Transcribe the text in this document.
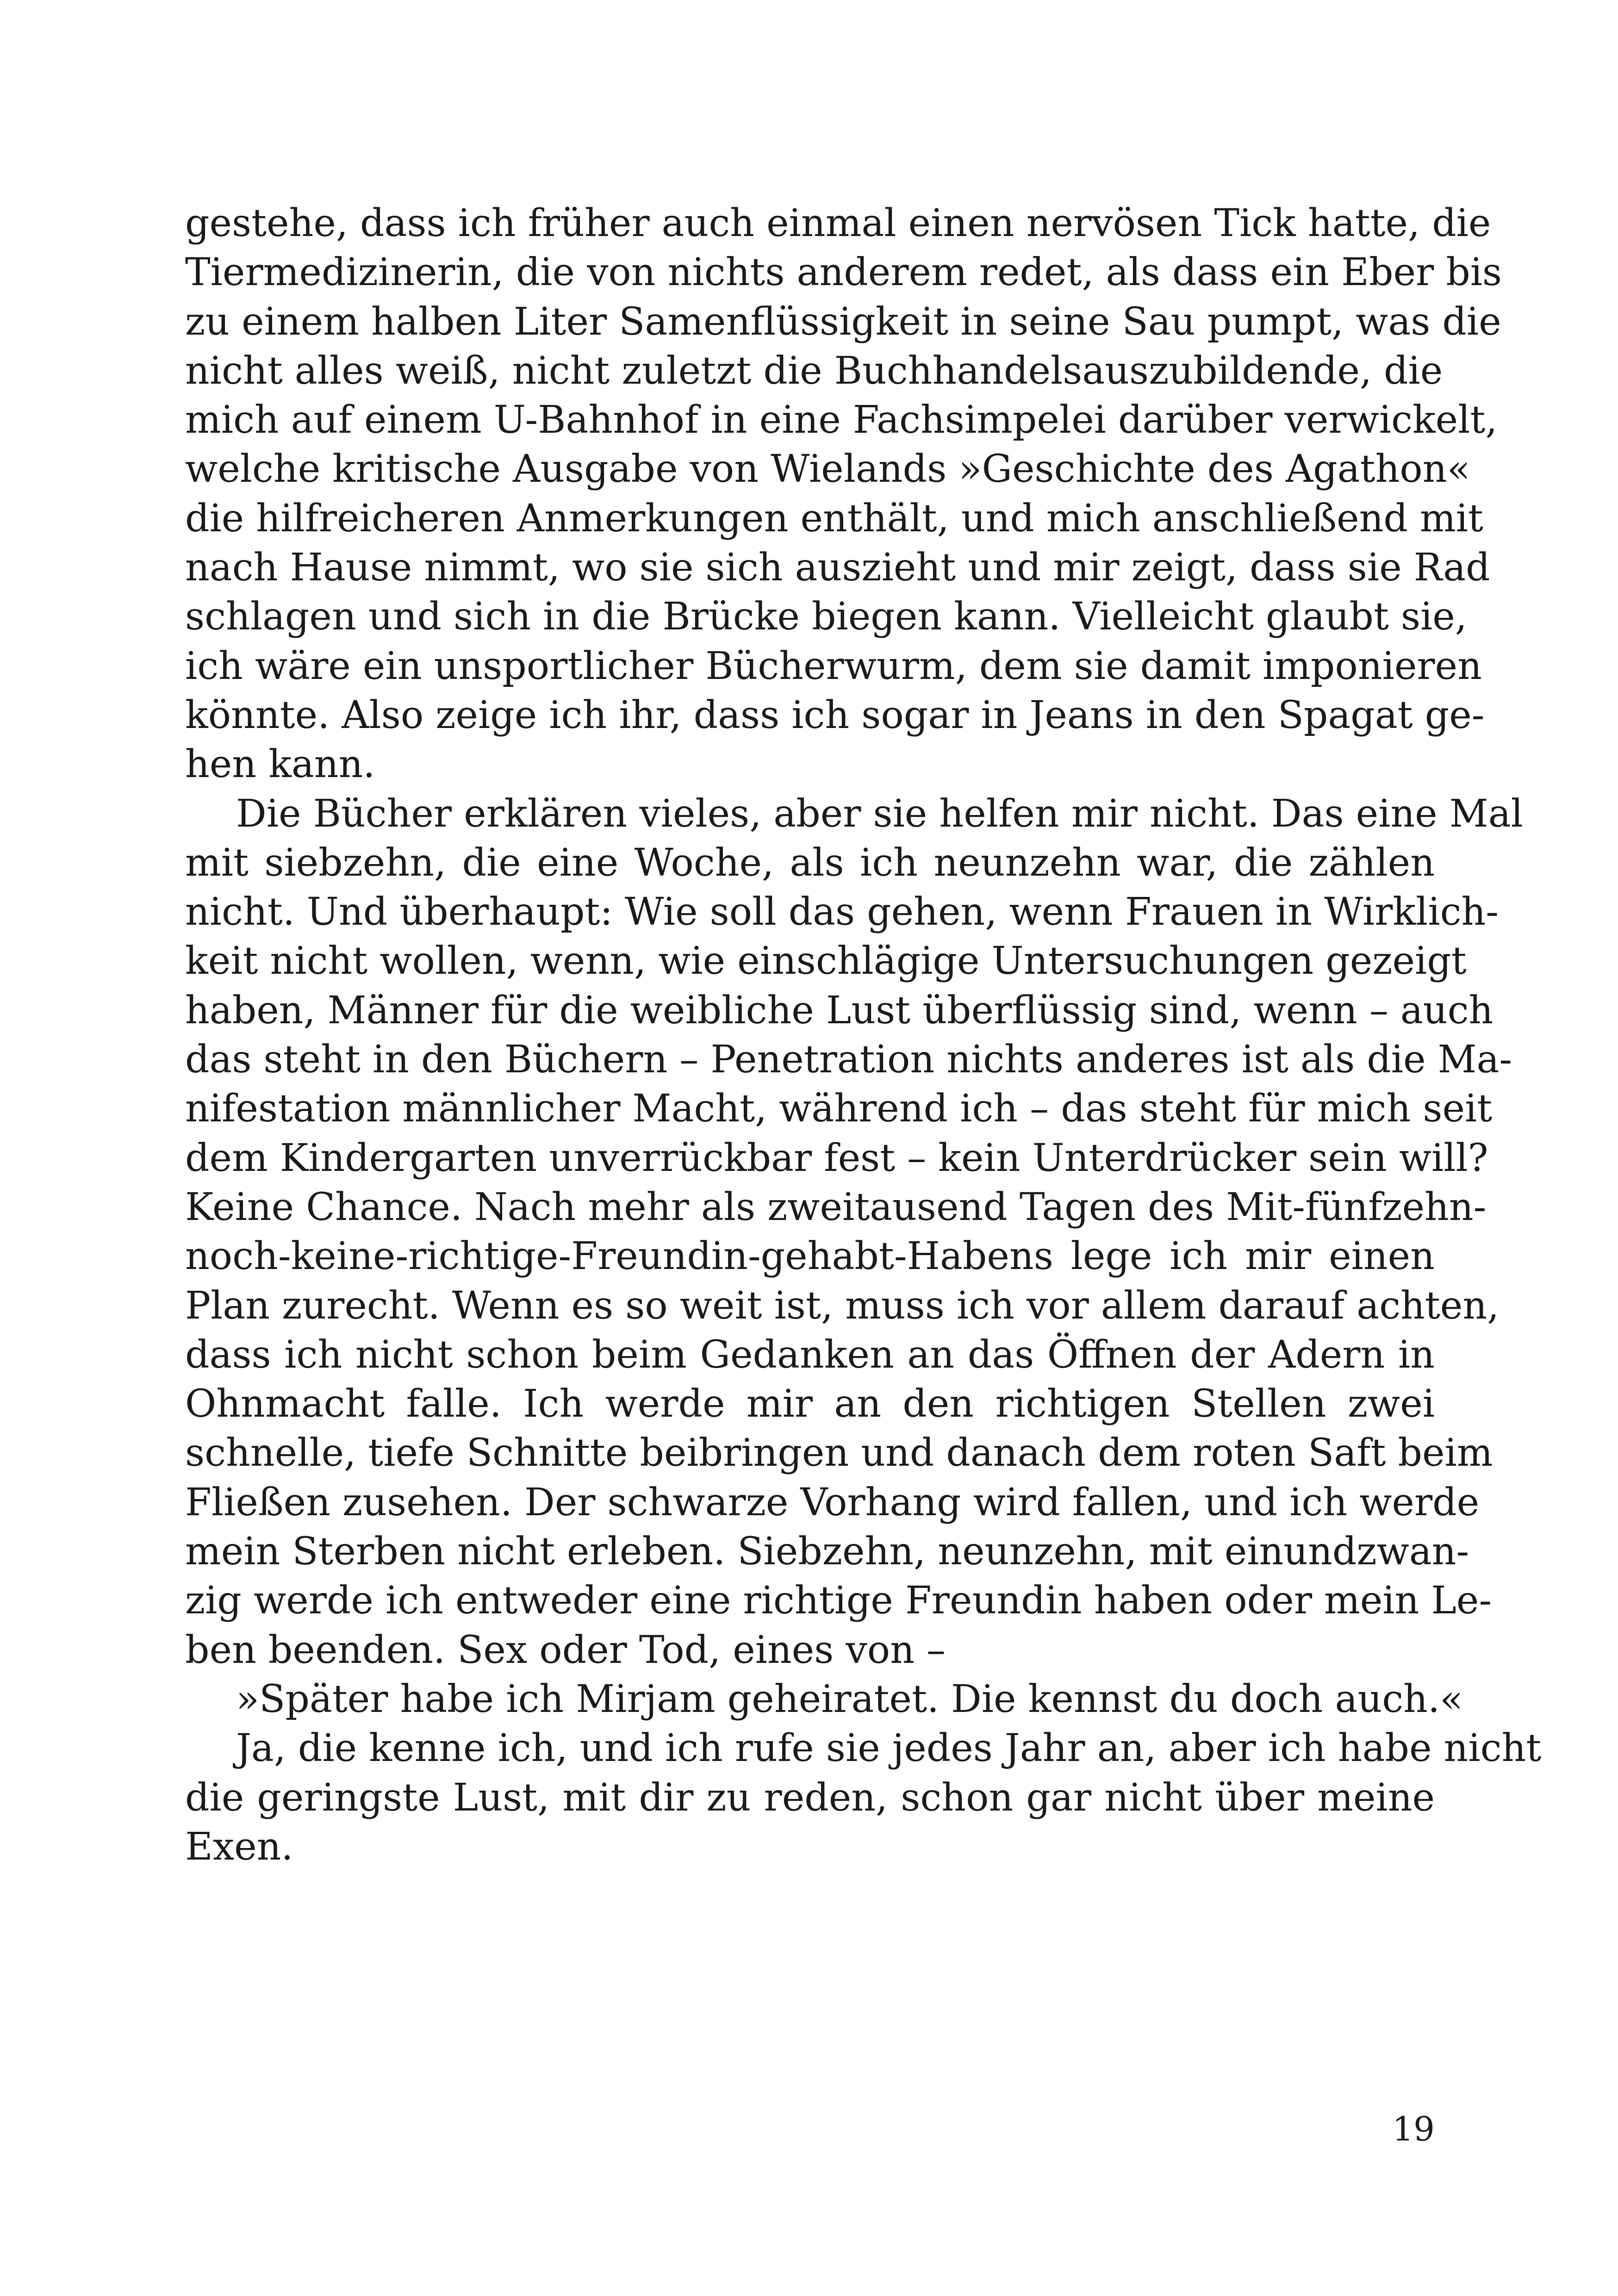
gestehe, dass ich früher auch einmal einen nervösen Tick hatte, die
Tiermedizinerin, die von nichts anderem redet, als dass ein Eber bis
zu einem halben Liter Samenflüssigkeit in seine Sau pumpt, was die
nicht alles weiß, nicht zuletzt die Buchhandelsauszubildende, die
mich auf einem U-Bahnhof in eine Fachsimpelei darüber verwickelt,
welche kritische Ausgabe von Wielands »Geschichte des Agathon«
die hilfreicheren Anmerkungen enthält, und mich anschließend mit
nach Hause nimmt, wo sie sich auszieht und mir zeigt, dass sie Rad
schlagen und sich in die Brücke biegen kann. Vielleicht glaubt sie,
ich wäre ein unsportlicher Bücherwurm, dem sie damit imponieren
könnte. Also zeige ich ihr, dass ich sogar in Jeans in den Spagat ge-
hen kann.
Die Bücher erklären vieles, aber sie helfen mir nicht. Das eine Mal
mit siebzehn, die eine Woche, als ich neunzehn war, die zählen
nicht. Und überhaupt: Wie soll das gehen, wenn Frauen in Wirklich-
keit nicht wollen, wenn, wie einschlägige Untersuchungen gezeigt
haben, Männer für die weibliche Lust überflüssig sind, wenn – auch
das steht in den Büchern – Penetration nichts anderes ist als die Ma-
nifestation männlicher Macht, während ich – das steht für mich seit
dem Kindergarten unverrückbar fest – kein Unterdrücker sein will?
Keine Chance. Nach mehr als zweitausend Tagen des Mit-fünfzehn-
noch-keine-richtige-Freundin-gehabt-Habens lege ich mir einen
Plan zurecht. Wenn es so weit ist, muss ich vor allem darauf achten,
dass ich nicht schon beim Gedanken an das Öffnen der Adern in
Ohnmacht falle. Ich werde mir an den richtigen Stellen zwei
schnelle, tiefe Schnitte beibringen und danach dem roten Saft beim
Fließen zusehen. Der schwarze Vorhang wird fallen, und ich werde
mein Sterben nicht erleben. Siebzehn, neunzehn, mit einundzwan-
zig werde ich entweder eine richtige Freundin haben oder mein Le-
ben beenden. Sex oder Tod, eines von –
»Später habe ich Mirjam geheiratet. Die kennst du doch auch.«
Ja, die kenne ich, und ich rufe sie jedes Jahr an, aber ich habe nicht
die geringste Lust, mit dir zu reden, schon gar nicht über meine
Exen.
19
